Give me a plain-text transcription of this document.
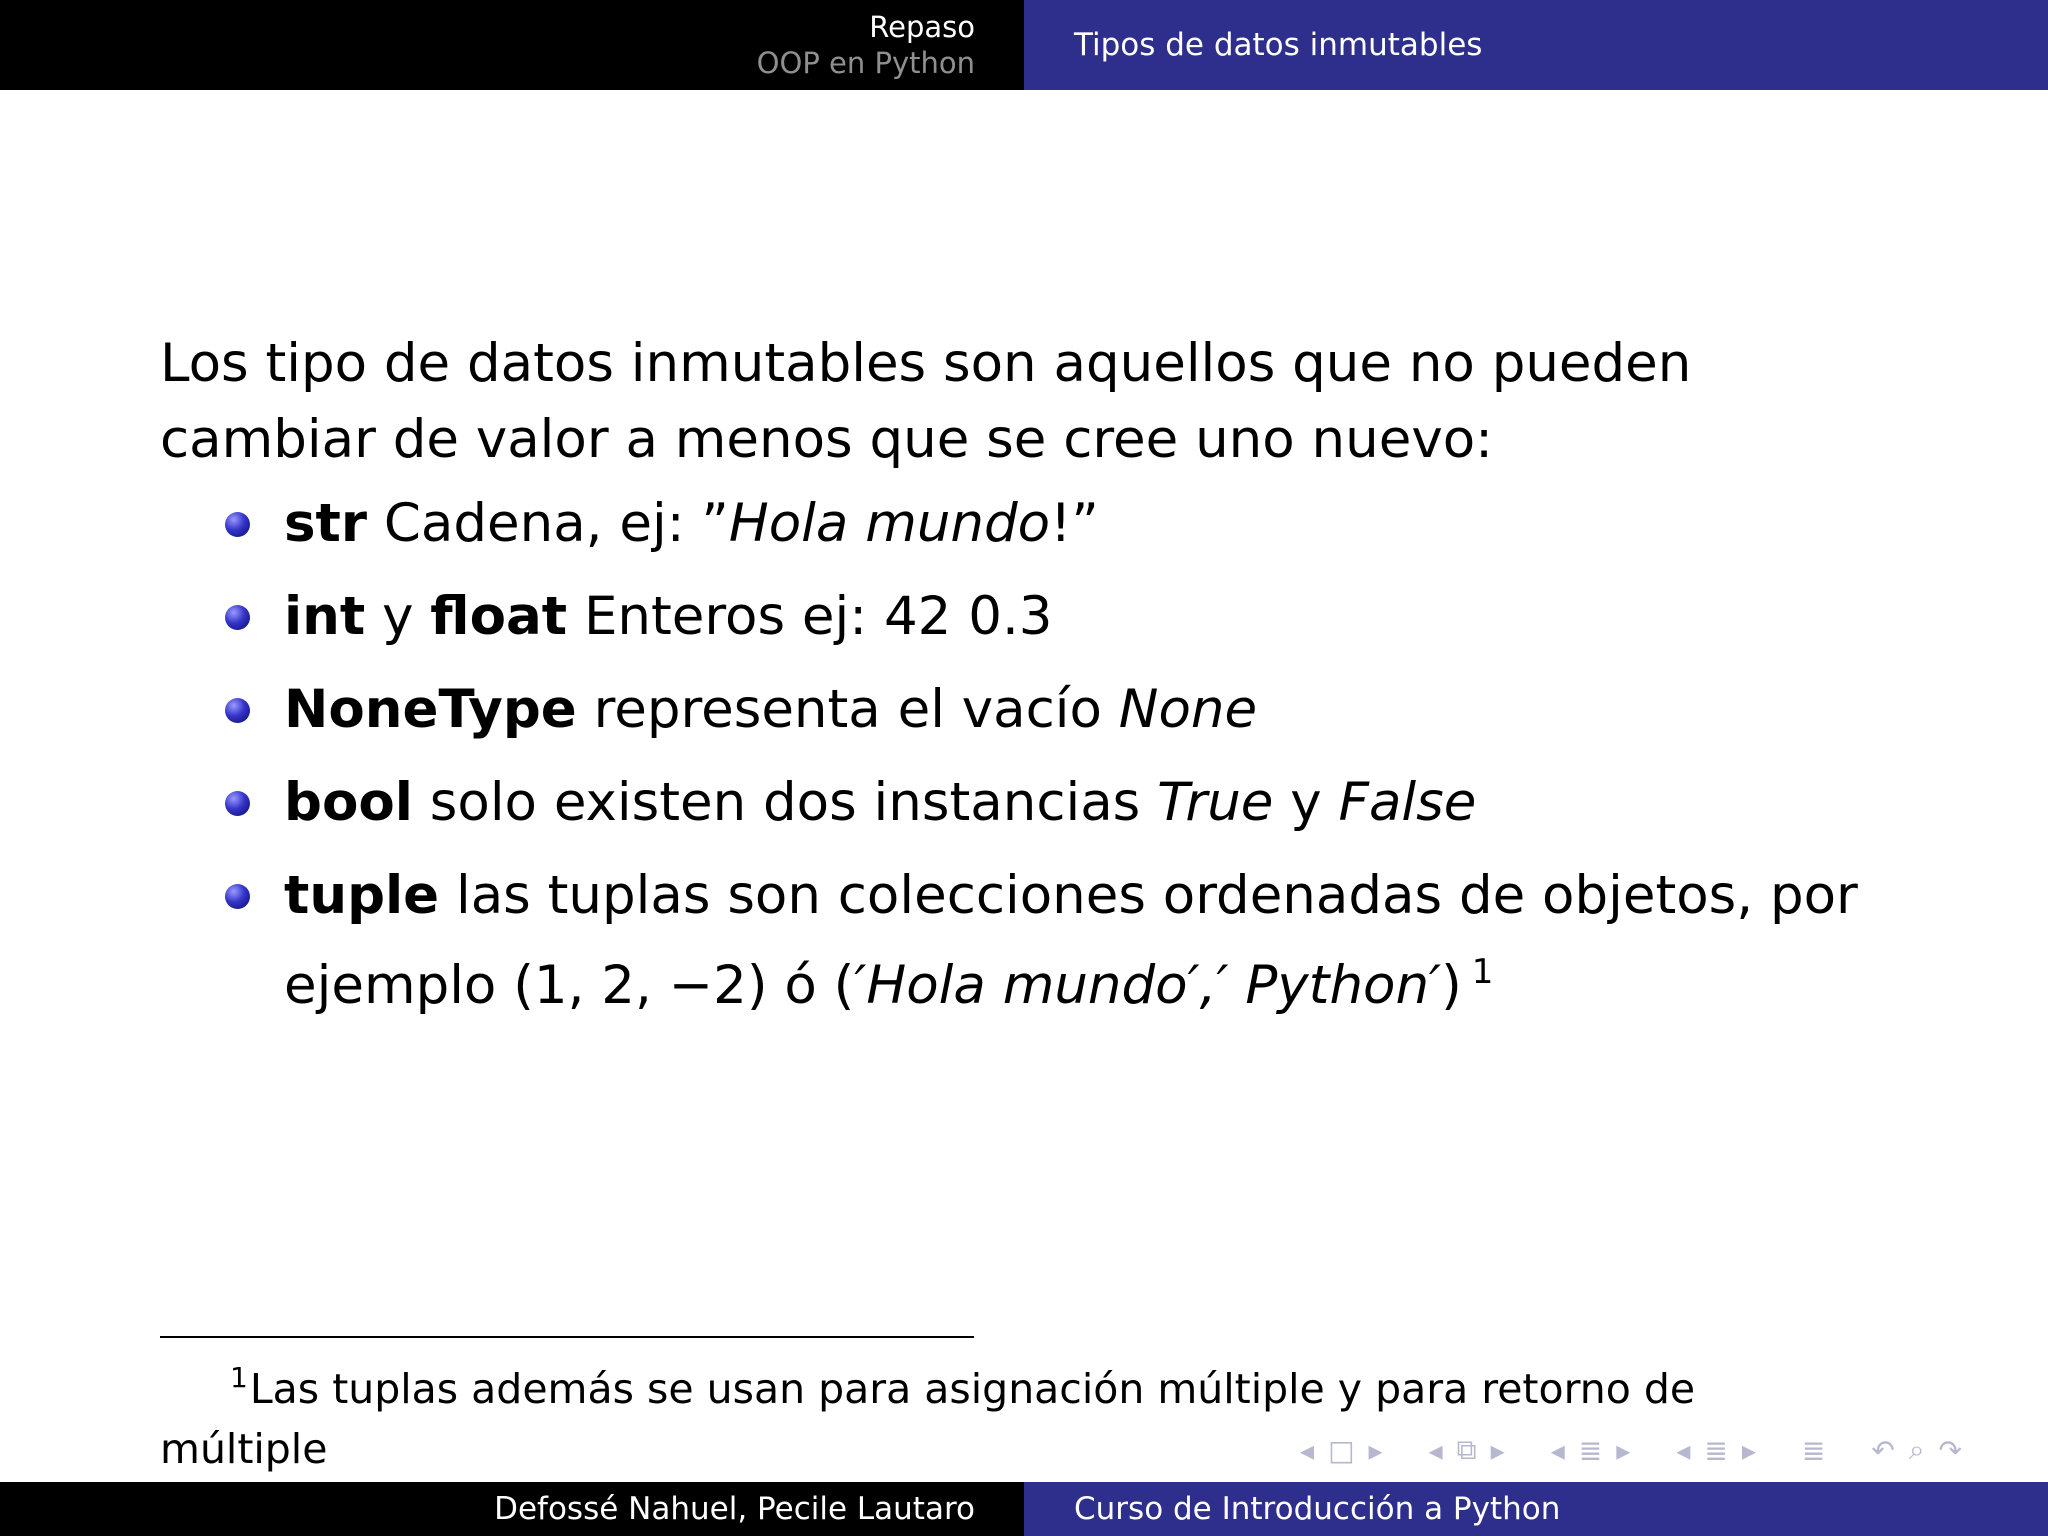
Repaso
OOP en Python	Tipos de datos inmutables

Los tipo de datos inmutables son aquellos que no pueden cambiar de valor a menos que se cree uno nuevo:

str Cadena, ej: ”Hola mundo!”
int y float Enteros ej: 42 0.3
NoneType representa el vacío None
bool solo existen dos instancias True y False
tuple las tuplas son colecciones ordenadas de objetos, por ejemplo (1, 2, −2) ó (′Hola mundo′,′ Python′) $^1$
$^1$Las tuplas además se usan para asignación múltiple y para retorno de múltiple	◂ □ ▸ ◂ ⧉ ▸ ◂ ≣ ▸ ◂ ≣ ▸ ≣ ↶ ⌕ ↷
Defossé Nahuel, Pecile Lautaro	Curso de Introducción a Python
